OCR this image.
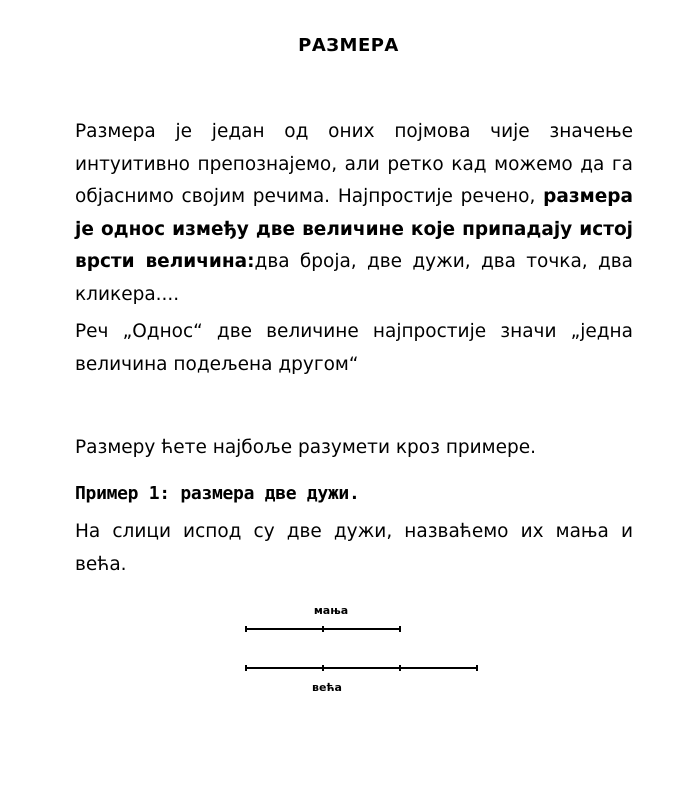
РАЗМЕРА
Размера је један од оних појмова чије значење интуитивно препознајемо, али ретко кад можемо да га објаснимо својим речима. Најпростије речено, размера је однос између две величине које припадају истој врсти величина:два броја, две дужи, два точка, два кликера....
Реч „Однос“ две величине најпростије значи „једна величина подељена другом“
Размеру ћете најбоље разумети кроз примере.
Пример 1: размера две дужи.
На слици испод су две дужи, назваћемо их мања и већа.
мања
већа
